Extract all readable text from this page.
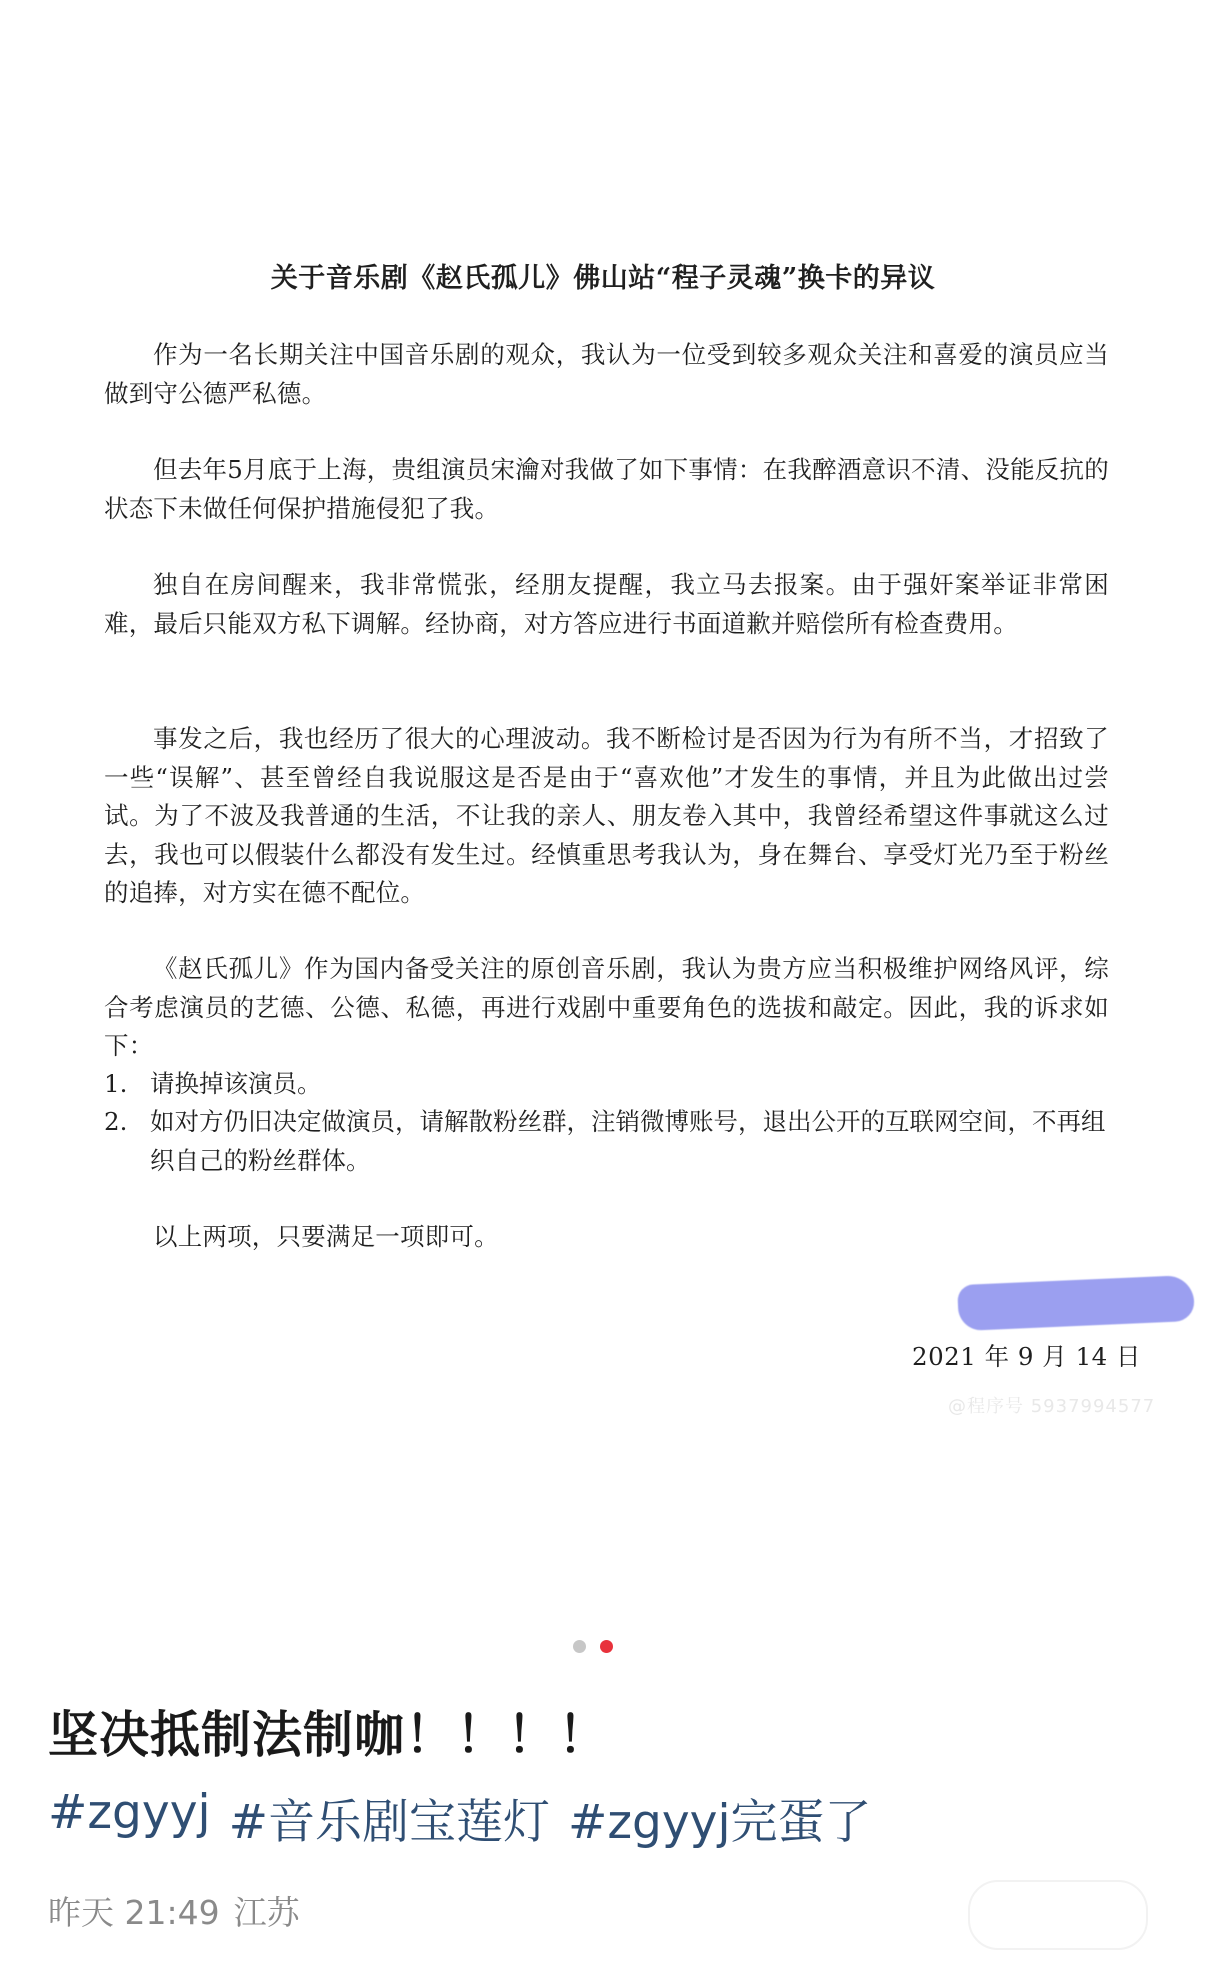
关于音乐剧《赵氏孤儿》佛山站“程子灵魂”换卡的异议

作为一名长期关注中国音乐剧的观众，我认为一位受到较多观众关注和喜爱的演员应当做到守公德严私德。

但去年5月底于上海，贵组演员宋瀹对我做了如下事情：在我醉酒意识不清、没能反抗的状态下未做任何保护措施侵犯了我。

独自在房间醒来，我非常慌张，经朋友提醒，我立马去报案。由于强奸案举证非常困难，最后只能双方私下调解。经协商，对方答应进行书面道歉并赔偿所有检查费用。

事发之后，我也经历了很大的心理波动。我不断检讨是否因为行为有所不当，才招致了一些“误解”、甚至曾经自我说服这是否是由于“喜欢他”才发生的事情，并且为此做出过尝试。为了不波及我普通的生活，不让我的亲人、朋友卷入其中，我曾经希望这件事就这么过去，我也可以假装什么都没有发生过。经慎重思考我认为，身在舞台、享受灯光乃至于粉丝的追捧，对方实在德不配位。

《赵氏孤儿》作为国内备受关注的原创音乐剧，我认为贵方应当积极维护网络风评，综合考虑演员的艺德、公德、私德，再进行戏剧中重要角色的选拔和敲定。因此，我的诉求如下：

1. 请换掉该演员。
2. 如对方仍旧决定做演员，请解散粉丝群，注销微博账号，退出公开的互联网空间，不再组织自己的粉丝群体。

以上两项，只要满足一项即可。

2021 年 9 月 14 日
@程序号 5937994577
坚决抵制法制咖！！！！
#zgyyj #音乐剧宝莲灯 #zgyyj完蛋了
昨天 21:49 江苏
